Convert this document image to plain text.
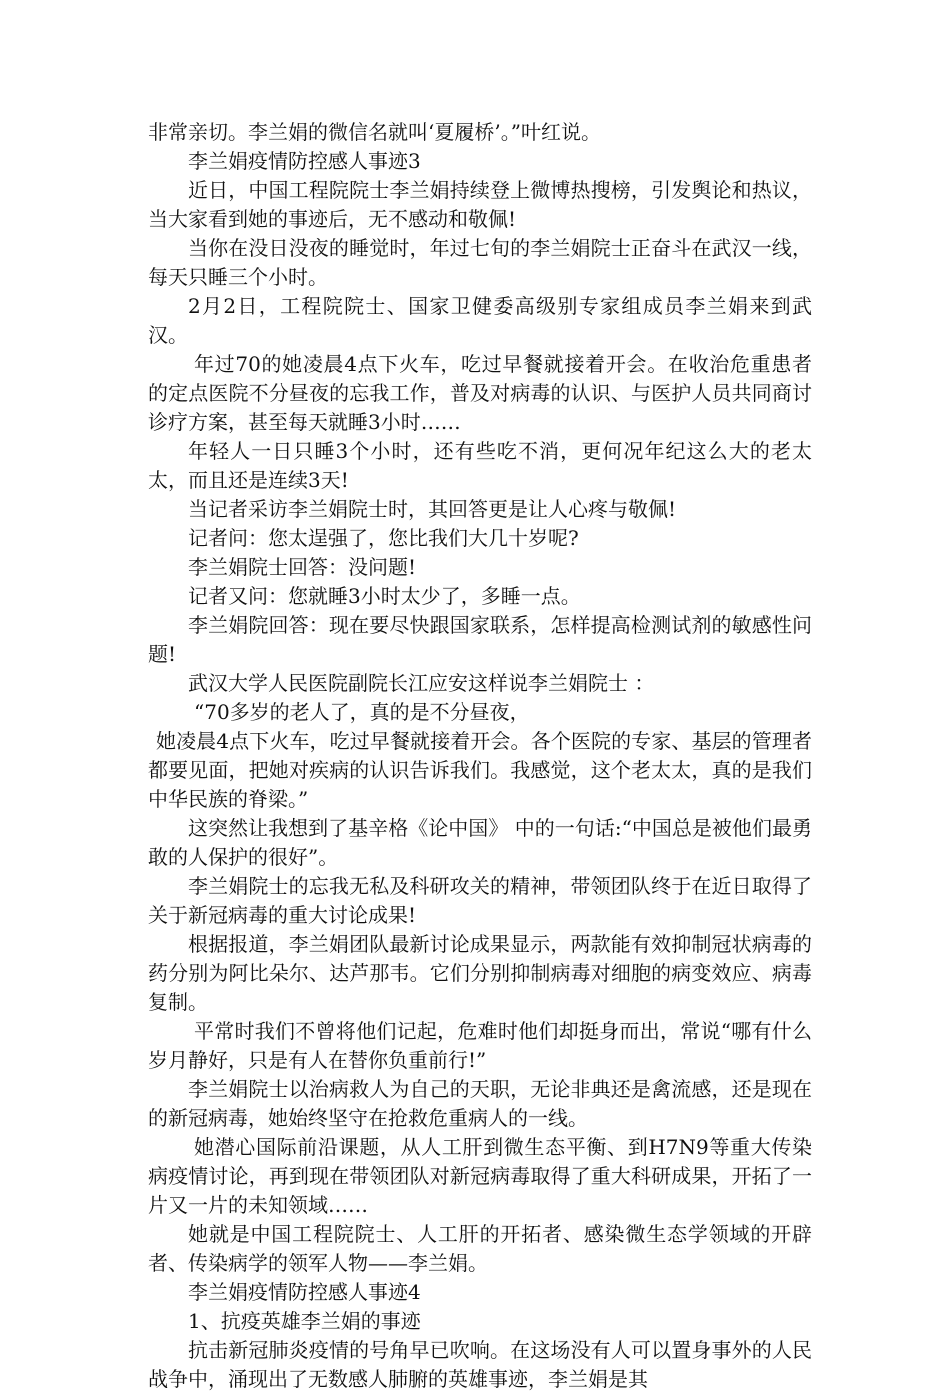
非常亲切。李兰娟的微信名就叫‘夏履桥’。”叶红说。

李兰娟疫情防控感人事迹3

近日，中国工程院院士李兰娟持续登上微博热搜榜，引发舆论和热议，当大家看到她的事迹后，无不感动和敬佩!

当你在没日没夜的睡觉时，年过七旬的李兰娟院士正奋斗在武汉一线，每天只睡三个小时。

2月2日，工程院院士、国家卫健委高级别专家组成员李兰娟来到武汉。

年过70的她凌晨4点下火车，吃过早餐就接着开会。在收治危重患者的定点医院不分昼夜的忘我工作，普及对病毒的认识、与医护人员共同商讨诊疗方案，甚至每天就睡3小时……

年轻人一日只睡3个小时，还有些吃不消，更何况年纪这么大的老太太，而且还是连续3天!

当记者采访李兰娟院士时，其回答更是让人心疼与敬佩!

记者问：您太逞强了，您比我们大几十岁呢?

李兰娟院士回答：没问题!

记者又问：您就睡3小时太少了，多睡一点。

李兰娟院回答：现在要尽快跟国家联系，怎样提高检测试剂的敏感性问题!

武汉大学人民医院副院长江应安这样说李兰娟院士 ：

“70多岁的老人了，真的是不分昼夜，

她凌晨4点下火车，吃过早餐就接着开会。各个医院的专家、基层的管理者都要见面，把她对疾病的认识告诉我们。我感觉，这个老太太，真的是我们中华民族的脊梁。”

这突然让我想到了基辛格《论中国》 中的一句话:“中国总是被他们最勇敢的人保护的很好”。

李兰娟院士的忘我无私及科研攻关的精神，带领团队终于在近日取得了关于新冠病毒的重大讨论成果!

根据报道，李兰娟团队最新讨论成果显示，两款能有效抑制冠状病毒的药分别为阿比朵尔、达芦那韦。它们分别抑制病毒对细胞的病变效应、病毒复制。

平常时我们不曾将他们记起，危难时他们却挺身而出，常说“哪有什么岁月静好，只是有人在替你负重前行!”

李兰娟院士以治病救人为自己的天职，无论非典还是禽流感，还是现在的新冠病毒，她始终坚守在抢救危重病人的一线。

她潜心国际前沿课题，从人工肝到微生态平衡、到H7N9等重大传染病疫情讨论，再到现在带领团队对新冠病毒取得了重大科研成果，开拓了一片又一片的未知领域……

她就是中国工程院院士、人工肝的开拓者、感染微生态学领域的开辟者、传染病学的领军人物——李兰娟。

李兰娟疫情防控感人事迹4

1、抗疫英雄李兰娟的事迹

抗击新冠肺炎疫情的号角早已吹响。在这场没有人可以置身事外的人民战争中，涌现出了无数感人肺腑的英雄事迹，李兰娟是其
